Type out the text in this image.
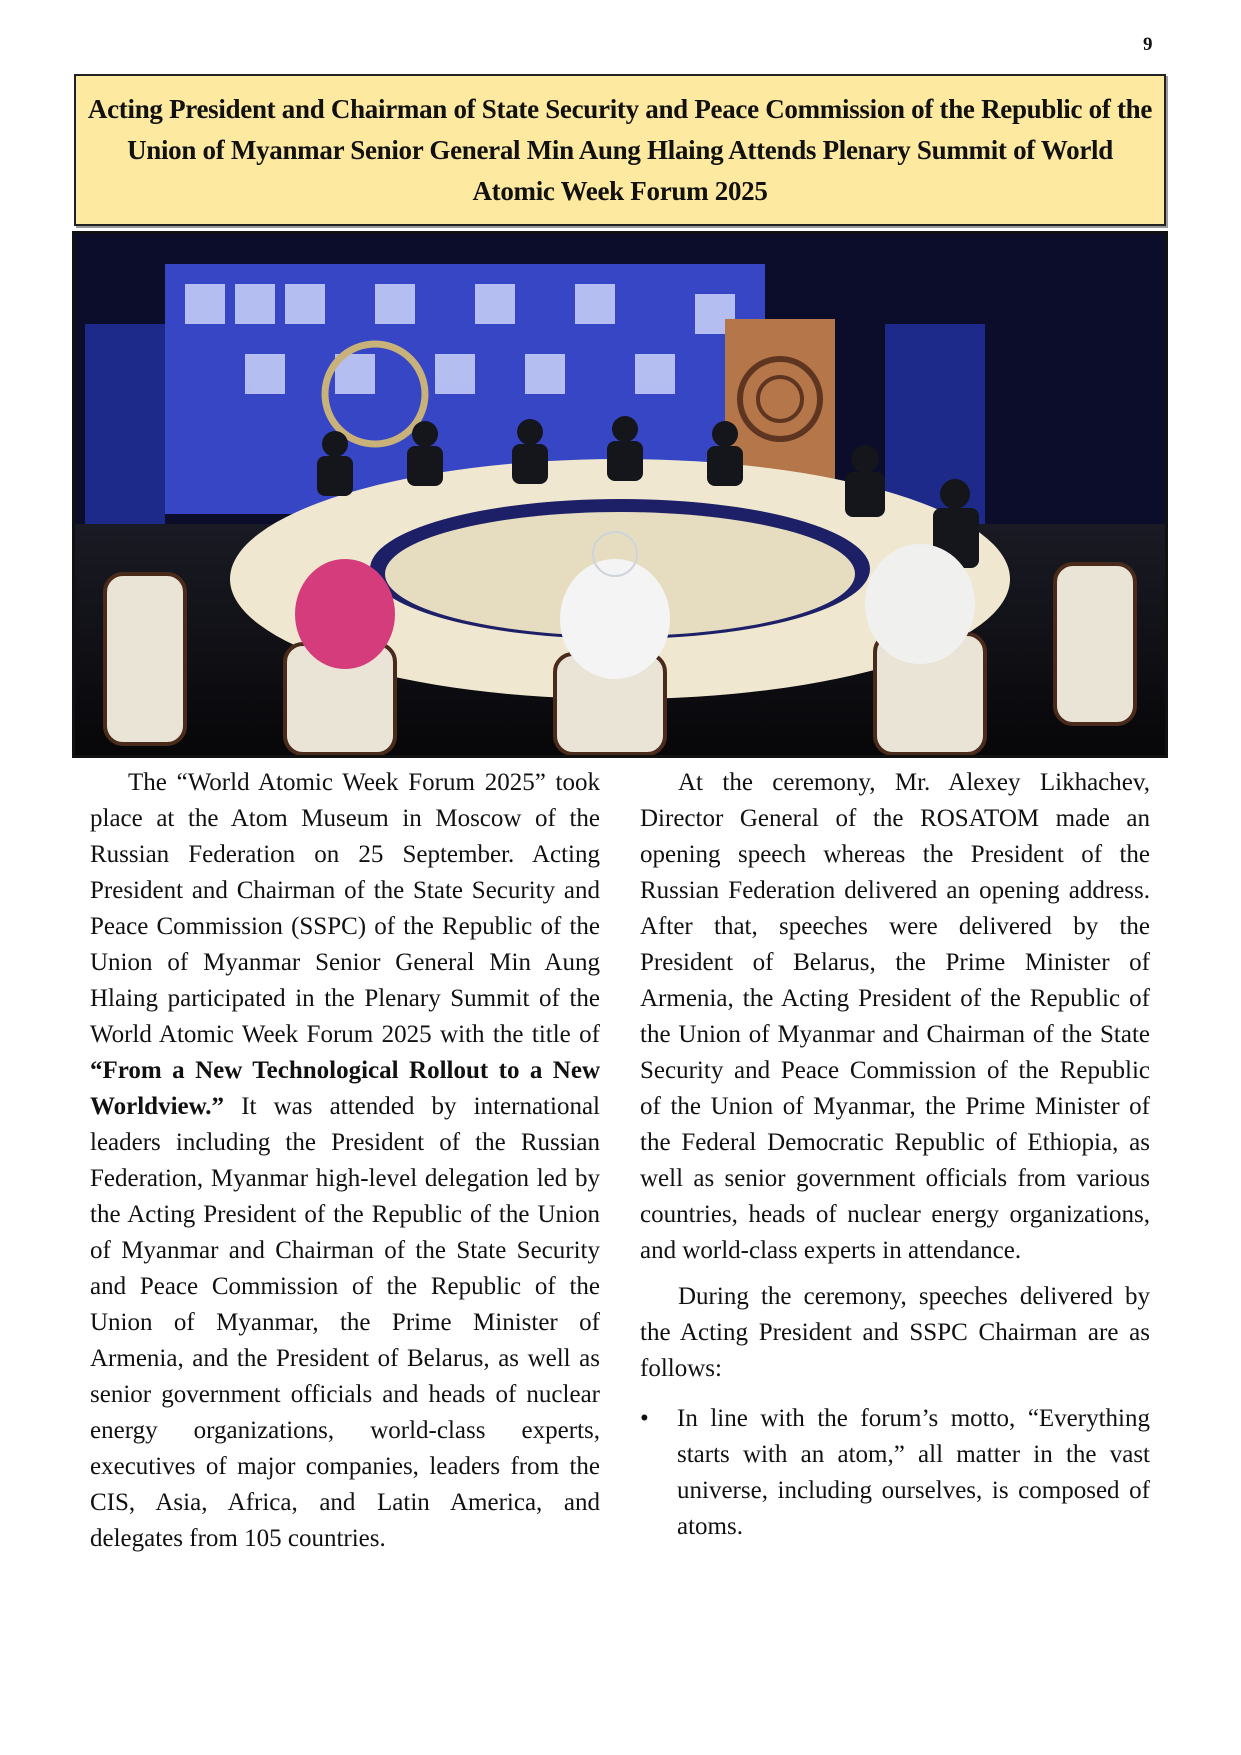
9
Acting President and Chairman of State Security and Peace Commission of the Republic of the Union of Myanmar Senior General Min Aung Hlaing Attends Plenary Summit of World Atomic Week Forum 2025

The “World Atomic Week Forum 2025” took place at the Atom Museum in Moscow of the Russian Federation on 25 September. Acting President and Chairman of the State Security and Peace Commission (SSPC) of the Republic of the Union of Myanmar Senior General Min Aung Hlaing participated in the Plenary Summit of the World Atomic Week Forum 2025 with the title of “From a New Technological Rollout to a New Worldview.” It was attended by international leaders including the President of the Russian Federation, Myanmar high-level delegation led by the Acting President of the Republic of the Union of Myanmar and Chairman of the State Security and Peace Commission of the Republic of the Union of Myanmar, the Prime Minister of Armenia, and the President of Belarus, as well as senior government officials and heads of nuclear energy organizations, world-class experts, executives of major companies, leaders from the CIS, Asia, Africa, and Latin America, and delegates from 105 countries.

At the ceremony, Mr. Alexey Likhachev, Director General of the ROSATOM made an opening speech whereas the President of the Russian Federation delivered an opening address. After that, speeches were delivered by the President of Belarus, the Prime Minister of Armenia, the Acting President of the Republic of the Union of Myanmar and Chairman of the State Security and Peace Commission of the Republic of the Union of Myanmar, the Prime Minister of the Federal Democratic Republic of Ethiopia, as well as senior government officials from various countries, heads of nuclear energy organizations, and world-class experts in attendance.

During the ceremony, speeches delivered by the Acting President and SSPC Chairman are as follows:

• In line with the forum’s motto, “Everything starts with an atom,” all matter in the vast universe, including ourselves, is composed of atoms.
